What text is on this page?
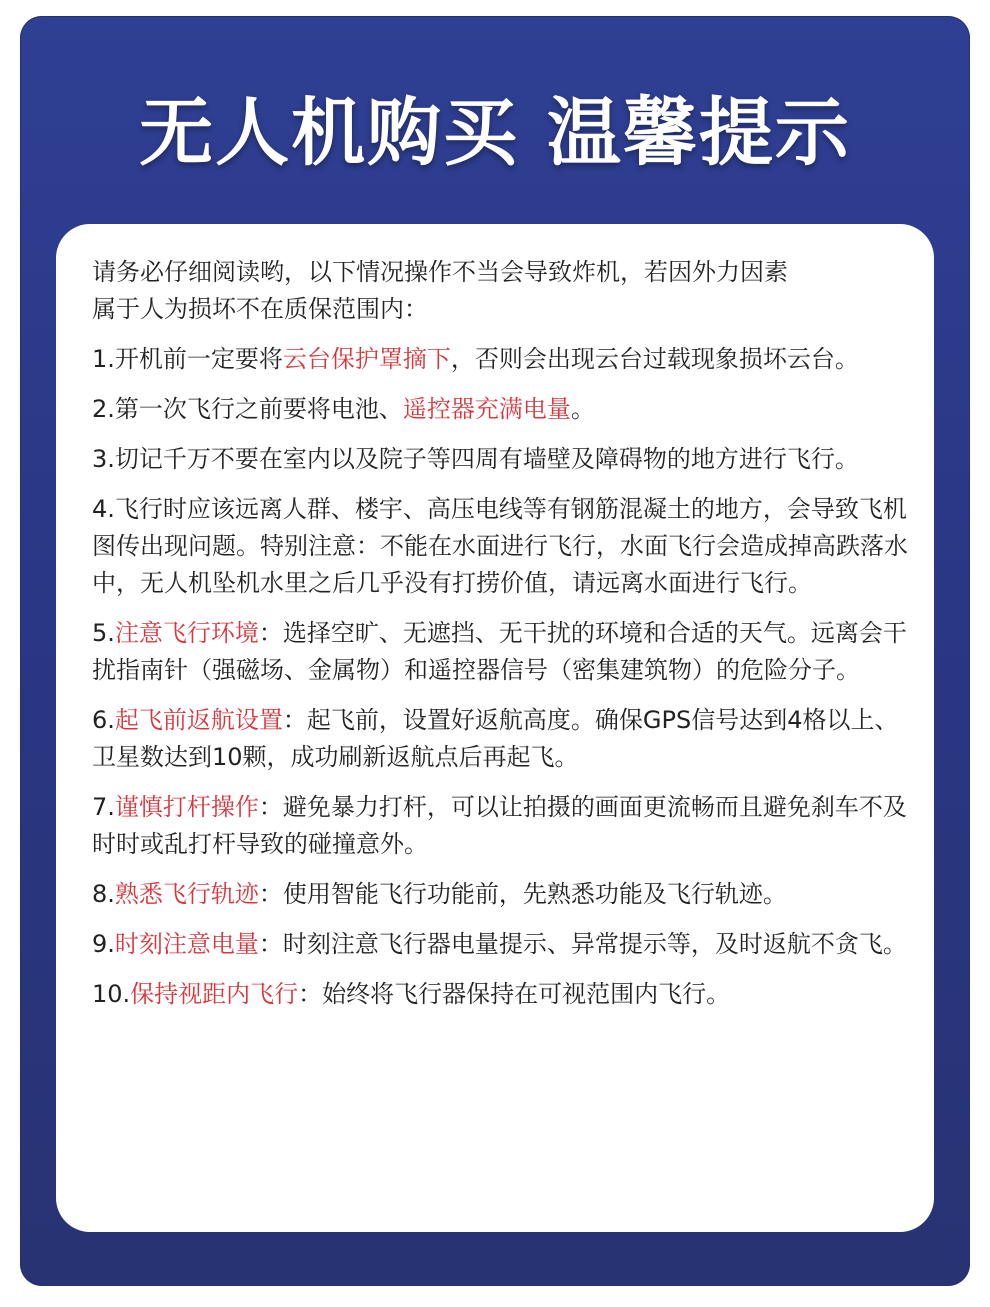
无人机购买 温馨提示
请务必仔细阅读哟，以下情况操作不当会导致炸机，若因外力因素
属于人为损坏不在质保范围内：
1.开机前一定要将云台保护罩摘下，否则会出现云台过载现象损坏云台。
2.第一次飞行之前要将电池、遥控器充满电量。
3.切记千万不要在室内以及院子等四周有墙壁及障碍物的地方进行飞行。
4.飞行时应该远离人群、楼宇、高压电线等有钢筋混凝土的地方，会导致飞机图传出现问题。特别注意：不能在水面进行飞行，水面飞行会造成掉高跌落水中，无人机坠机水里之后几乎没有打捞价值，请远离水面进行飞行。
5.注意飞行环境：选择空旷、无遮挡、无干扰的环境和合适的天气。远离会干扰指南针（强磁场、金属物）和遥控器信号（密集建筑物）的危险分子。
6.起飞前返航设置：起飞前，设置好返航高度。确保GPS信号达到4格以上、卫星数达到10颗，成功刷新返航点后再起飞。
7.谨慎打杆操作：避免暴力打杆，可以让拍摄的画面更流畅而且避免刹车不及时时或乱打杆导致的碰撞意外。
8.熟悉飞行轨迹：使用智能飞行功能前，先熟悉功能及飞行轨迹。
9.时刻注意电量：时刻注意飞行器电量提示、异常提示等，及时返航不贪飞。
10.保持视距内飞行：始终将飞行器保持在可视范围内飞行。
